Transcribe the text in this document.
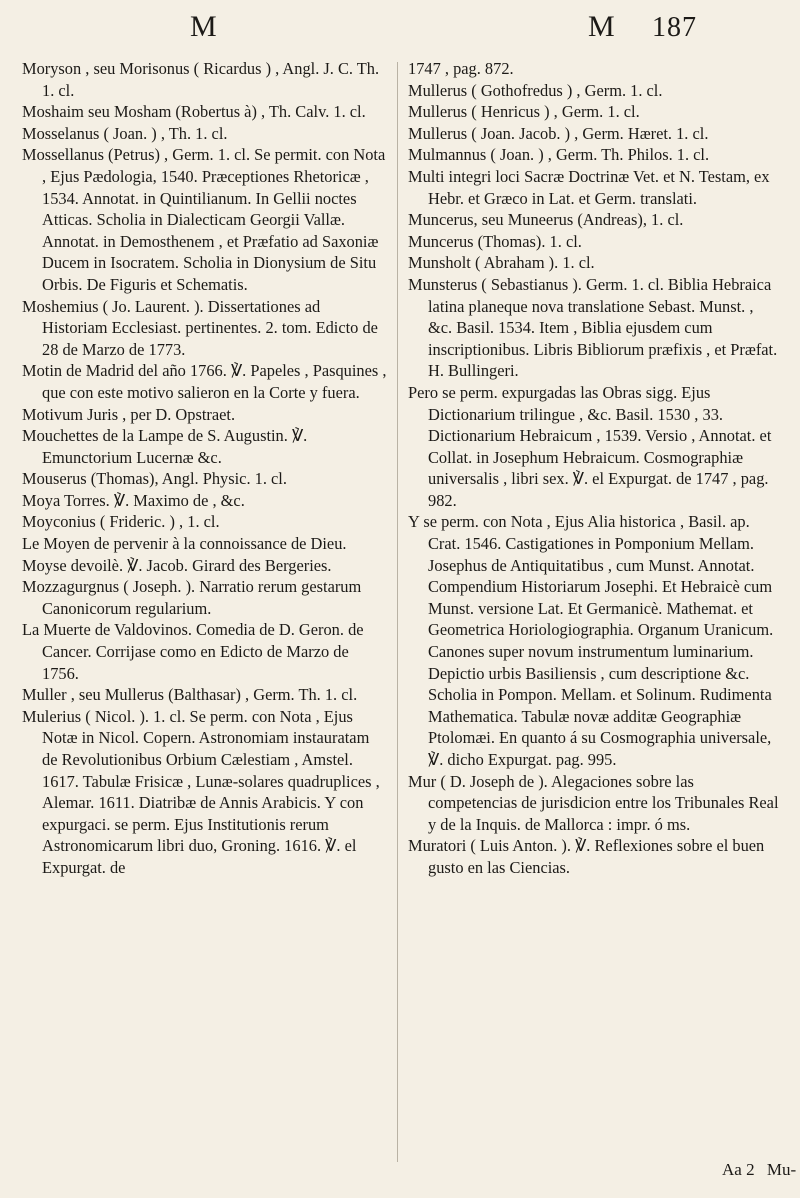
M	M 187

Moryson , seu Morisonus ( Ricardus ) , Angl. J. C. Th. 1. cl.

Moshaim seu Mosham (Robertus à) , Th. Calv. 1. cl.

Mosselanus ( Joan. ) , Th. 1. cl.

Mossellanus (Petrus) , Germ. 1. cl. Se permit. con Nota , Ejus Pædologia, 1540. Præceptiones Rhetoricæ , 1534. Annotat. in Quintilianum. In Gellii noctes Atticas. Scholia in Dialecticam Georgii Vallæ. Annotat. in Demosthenem , et Præfatio ad Saxoniæ Ducem in Isocratem. Scholia in Dionysium de Situ Orbis. De Figuris et Schematis.

Moshemius ( Jo. Laurent. ). Dissertationes ad Historiam Ecclesiast. pertinentes. 2. tom. Edicto de 28 de Marzo de 1773.

Motin de Madrid del año 1766. ℣. Papeles , Pasquines , que con este motivo salieron en la Corte y fuera.

Motivum Juris , per D. Opstraet.

Mouchettes de la Lampe de S. Augustin. ℣. Emunctorium Lucernæ &c.

Mouserus (Thomas), Angl. Physic. 1. cl.

Moya Torres. ℣. Maximo de , &c.

Moyconius ( Frideric. ) , 1. cl.

Le Moyen de pervenir à la connoissance de Dieu.

Moyse devoilè. ℣. Jacob. Girard des Bergeries.

Mozzagurgnus ( Joseph. ). Narratio rerum gestarum Canonicorum regularium.

La Muerte de Valdovinos. Comedia de D. Geron. de Cancer. Corrijase como en Edicto de Marzo de 1756.

Muller , seu Mullerus (Balthasar) , Germ. Th. 1. cl.

Mulerius ( Nicol. ). 1. cl. Se perm. con Nota , Ejus Notæ in Nicol. Copern. Astronomiam instauratam de Revolutionibus Orbium Cælestiam , Amstel. 1617. Tabulæ Frisicæ , Lunæ-solares quadruplices , Alemar. 1611. Diatribæ de Annis Arabicis. Y con expurgaci. se perm. Ejus Institutionis rerum Astronomicarum libri duo, Groning. 1616. ℣. el Expurgat. de

1747 , pag. 872.

Mullerus ( Gothofredus ) , Germ. 1. cl.

Mullerus ( Henricus ) , Germ. 1. cl.

Mullerus ( Joan. Jacob. ) , Germ. Hæret. 1. cl.

Mulmannus ( Joan. ) , Germ. Th. Philos. 1. cl.

Multi integri loci Sacræ Doctrinæ Vet. et N. Testam, ex Hebr. et Græco in Lat. et Germ. translati.

Muncerus, seu Muneerus (Andreas), 1. cl.

Muncerus (Thomas). 1. cl.

Munsholt ( Abraham ). 1. cl.

Munsterus ( Sebastianus ). Germ. 1. cl. Biblia Hebraica latina planeque nova translatione Sebast. Munst. , &c. Basil. 1534. Item , Biblia ejusdem cum inscriptionibus. Libris Bibliorum præfixis , et Præfat. H. Bullingeri.

Pero se perm. expurgadas las Obras sigg. Ejus Dictionarium trilingue , &c. Basil. 1530 , 33. Dictionarium Hebraicum , 1539. Versio , Annotat. et Collat. in Josephum Hebraicum. Cosmographiæ universalis , libri sex. ℣. el Expurgat. de 1747 , pag. 982.

Y se perm. con Nota , Ejus Alia historica , Basil. ap. Crat. 1546. Castigationes in Pomponium Mellam. Josephus de Antiquitatibus , cum Munst. Annotat. Compendium Historiarum Josephi. Et Hebraicè cum Munst. versione Lat. Et Germanicè. Mathemat. et Geometrica Horiologiographia. Organum Uranicum. Canones super novum instrumentum luminarium. Depictio urbis Basiliensis , cum descriptione &c. Scholia in Pompon. Mellam. et Solinum. Rudimenta Mathematica. Tabulæ novæ additæ Geographiæ Ptolomæi. En quanto á su Cosmographia universale, ℣. dicho Expurgat. pag. 995.

Mur ( D. Joseph de ). Alegaciones sobre las competencias de jurisdicion entre los Tribunales Real y de la Inquis. de Mallorca : impr. ó ms.

Muratori ( Luis Anton. ). ℣. Reflexiones sobre el buen gusto en las Ciencias.

Aa 2 Mu-
